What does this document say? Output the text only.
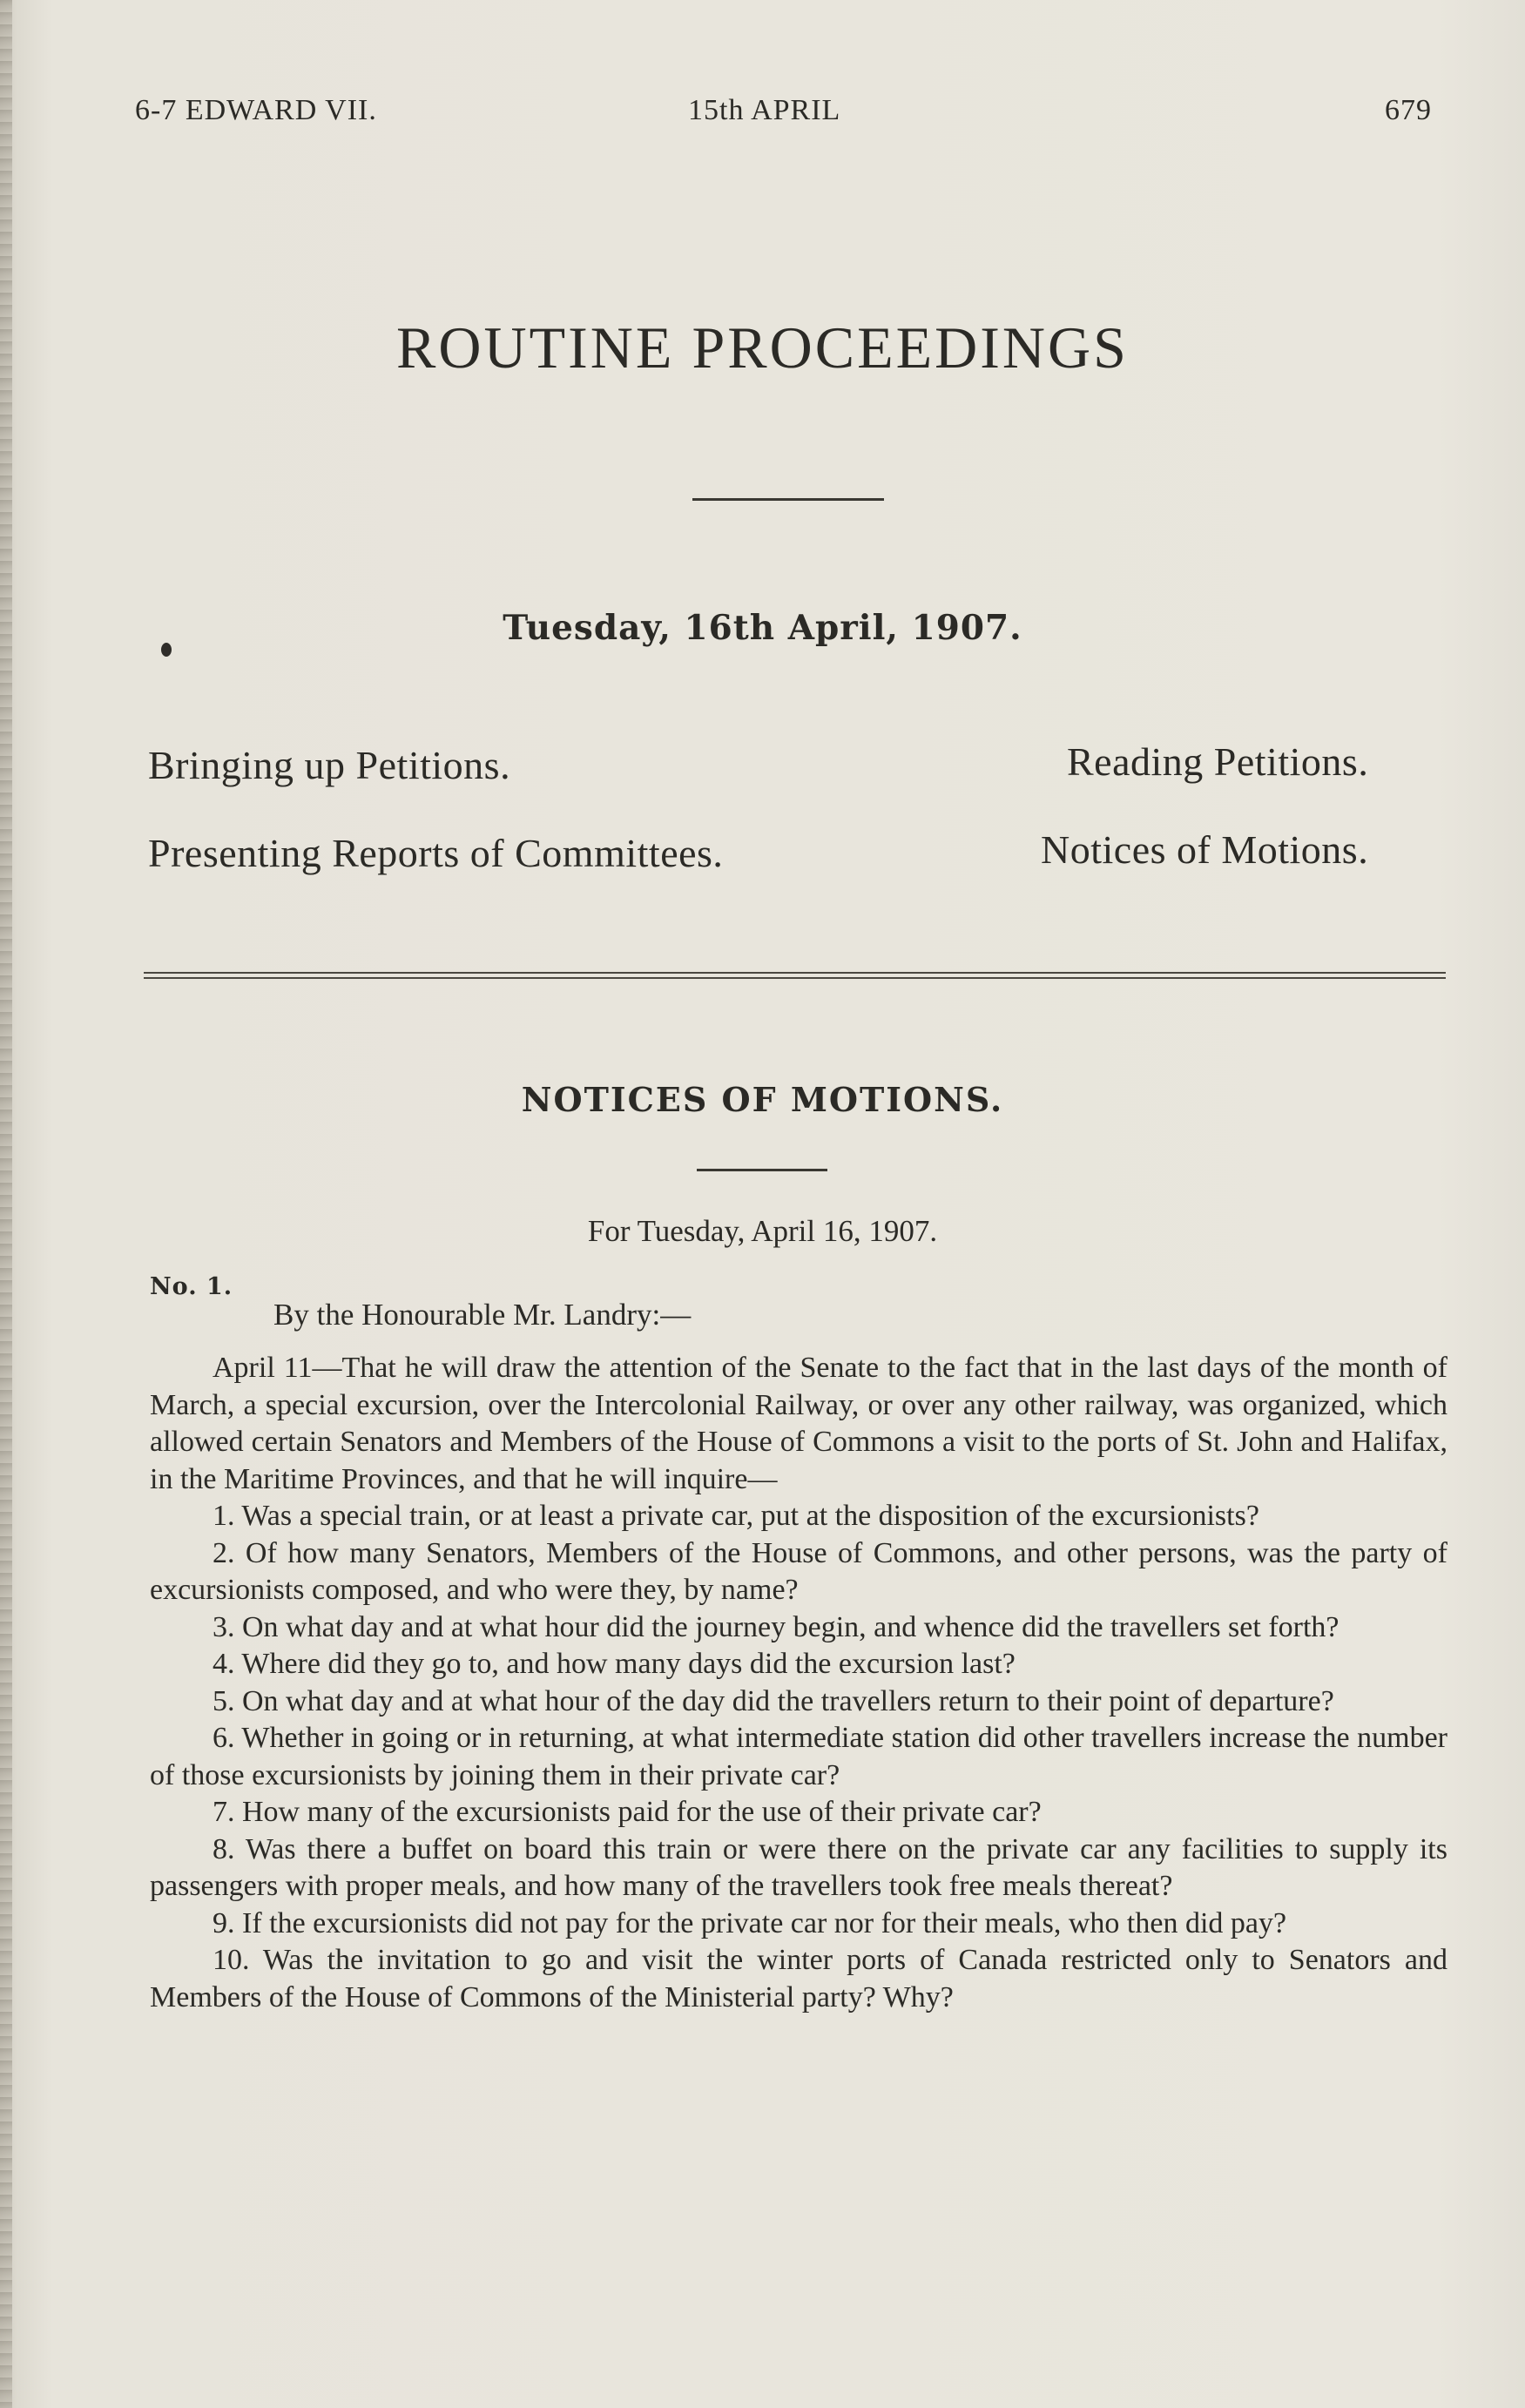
6-7 EDWARD VII.	15th APRIL	679
ROUTINE PROCEEDINGS
Tuesday, 16th April, 1907.
Bringing up Petitions.	Reading Petitions.
Presenting Reports of Committees.	Notices of Motions.
NOTICES OF MOTIONS.
For Tuesday, April 16, 1907.
No. 1.
By the Honourable Mr. Landry:—

April 11—That he will draw the attention of the Senate to the fact that in the last days of the month of March, a special excursion, over the Intercolonial Railway, or over any other railway, was organized, which allowed certain Senators and Members of the House of Commons a visit to the ports of St. John and Halifax, in the Maritime Provinces, and that he will inquire—

1. Was a special train, or at least a private car, put at the disposition of the excursionists?

2. Of how many Senators, Members of the House of Commons, and other persons, was the party of excursionists composed, and who were they, by name?

3. On what day and at what hour did the journey begin, and whence did the travellers set forth?

4. Where did they go to, and how many days did the excursion last?

5. On what day and at what hour of the day did the travellers return to their point of departure?

6. Whether in going or in returning, at what intermediate station did other travellers increase the number of those excursionists by joining them in their private car?

7. How many of the excursionists paid for the use of their private car?

8. Was there a buffet on board this train or were there on the private car any facilities to supply its passengers with proper meals, and how many of the travellers took free meals thereat?

9. If the excursionists did not pay for the private car nor for their meals, who then did pay?

10. Was the invitation to go and visit the winter ports of Canada restricted only to Senators and Members of the House of Commons of the Ministerial party? Why?
